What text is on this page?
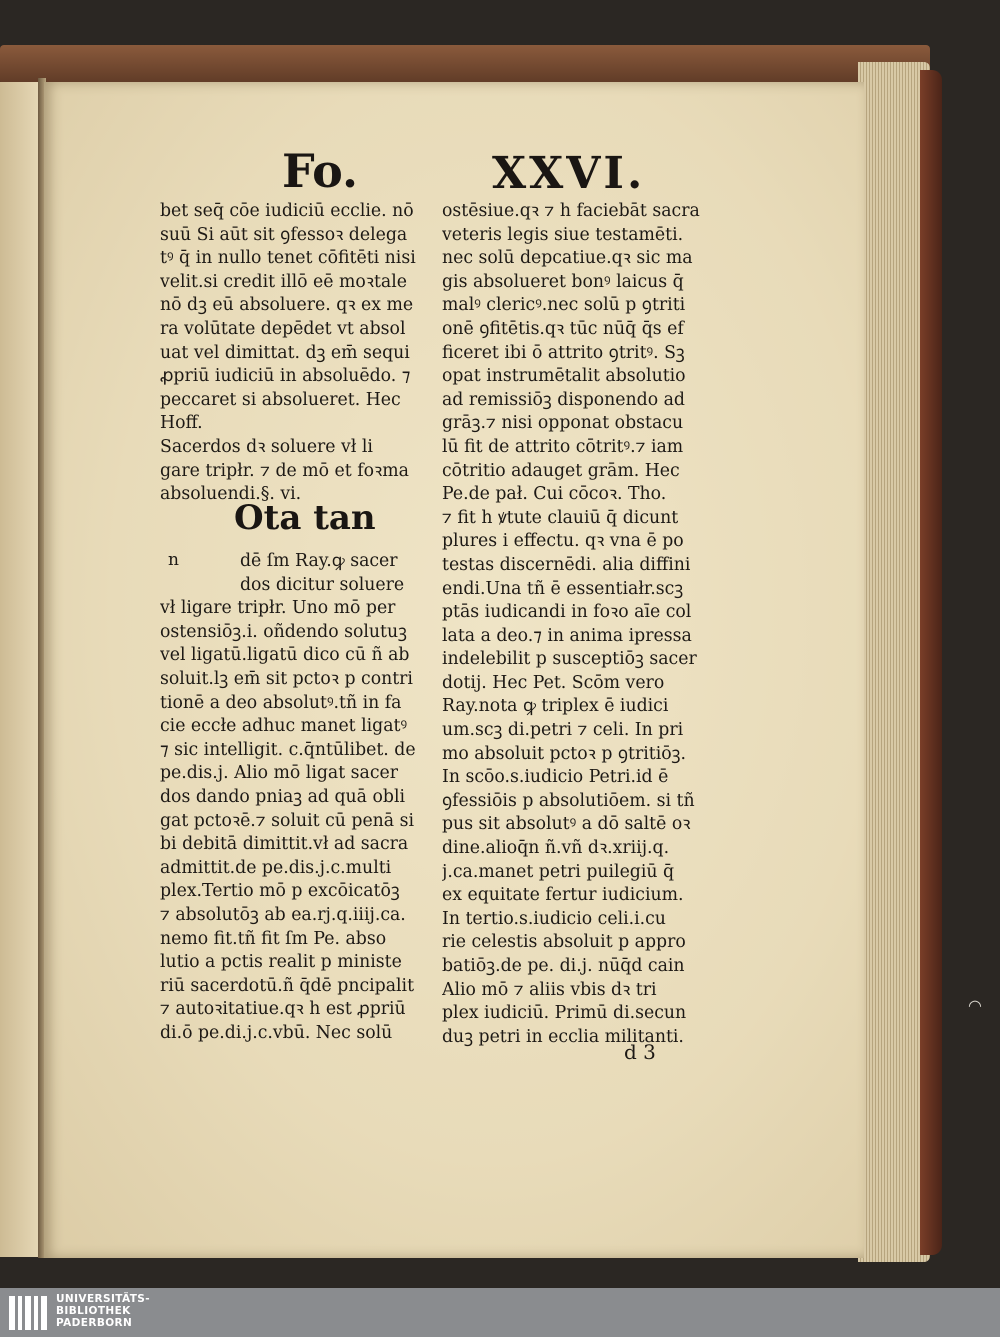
Fo.	XXVI.
bet seq̄ cōe iudiciū ecclie. nō
suū Si aūt sit ꝯfessoꝛ delega
tꝰ q̄ in nullo tenet cōfitēti nisi
velit.si credit illō eē moꝛtale
nō dꝫ eū absoluere. qꝛ ex me
ra volūtate depēdet vt absol
uat vel dimittat. dꝫ em̄ sequi
ꝓpriū iudiciū in absoluēdo. ⁊
peccaret si absolueret. Hec
Hoff.
Sacerdos dꝛ soluere vł li
gare tripłr. ⁊ de mō et foꝛma
absoluendi.§. vi.
Ota tan
n	dē ſm Ray.ꝙ sacer
dos dicitur soluere
vł ligare tripłr. Uno mō per
ostensiōꝫ.i. oñdendo solutuꝫ
vel ligatū.ligatū dico cū ñ ab
soluit.lꝫ em̄ sit pctoꝛ p contri
tionē a deo absolutꝰ.tñ in fa
cie eccłe adhuc manet ligatꝰ
⁊ sic intelligit. c.q̄ntūlibet. de
pe.dis.j. Alio mō ligat sacer
dos dando pniaꝫ ad quā obli
gat pctoꝛē.⁊ soluit cū penā si
bi debitā dimittit.vł ad sacra
admittit.de pe.dis.j.c.multi
plex.Tertio mō p excōicatōꝫ
⁊ absolutōꝫ ab ea.rj.q.iiij.ca.
nemo fit.tñ fit ſm Pe. abso
lutio a pctis realit p ministe
riū sacerdotū.ñ q̄dē pncipalit
⁊ autoꝛitatiue.qꝛ h est ꝓpriū
di.ō pe.di.j.c.vbū. Nec solū
ostēsiue.qꝛ ⁊ h faciebāt sacra
veteris legis siue testamēti.
nec solū depcatiue.qꝛ sic ma
gis absolueret bonꝰ laicus q̄
malꝰ clericꝰ.nec solū p ꝯtriti
onē ꝯfitētis.qꝛ tūc nūq̄ q̄s ef
ficeret ibi ō attrito ꝯtritꝰ. Sꝫ
opat instrumētalit absolutio
ad remissiōꝫ disponendo ad
grāꝫ.⁊ nisi opponat obstacu
lū fit de attrito cōtritꝰ.⁊ iam
cōtritio adauget grām. Hec
Pe.de pał. Cui cōcoꝛ. Tho.
⁊ fit h ꝟtute clauiū q̄ dicunt
plures i effectu. qꝛ vna ē po
testas discernēdi. alia diffini
endi.Una tñ ē essentiałr.scꝫ
ptās iudicandi in foꝛo aīe col
lata a deo.⁊ in anima ipressa
indelebilit p susceptiōꝫ sacer
dotij. Hec Pet. Scōm vero
Ray.nota ꝙ triplex ē iudici
um.scꝫ di.petri ⁊ celi. In pri
mo absoluit pctoꝛ p ꝯtritiōꝫ.
In scōo.s.iudicio Petri.id ē
ꝯfessiōis p absolutiōem. si tñ
pus sit absolutꝰ a dō saltē oꝛ
dine.alioq̄n ñ.vñ dꝛ.xriij.q.
j.ca.manet petri puilegiū q̄
ex equitate fertur iudicium.
In tertio.s.iudicio celi.i.cu
rie celestis absoluit p appro
batiōꝫ.de pe. di.j. nūq̄d cain
Alio mō ⁊ aliis vbis dꝛ tri
plex iudiciū. Primū di.secun
duꝫ petri in ecclia militanti.
d 3
◠
UNIVERSITÄTS-
BIBLIOTHEK
PADERBORN
